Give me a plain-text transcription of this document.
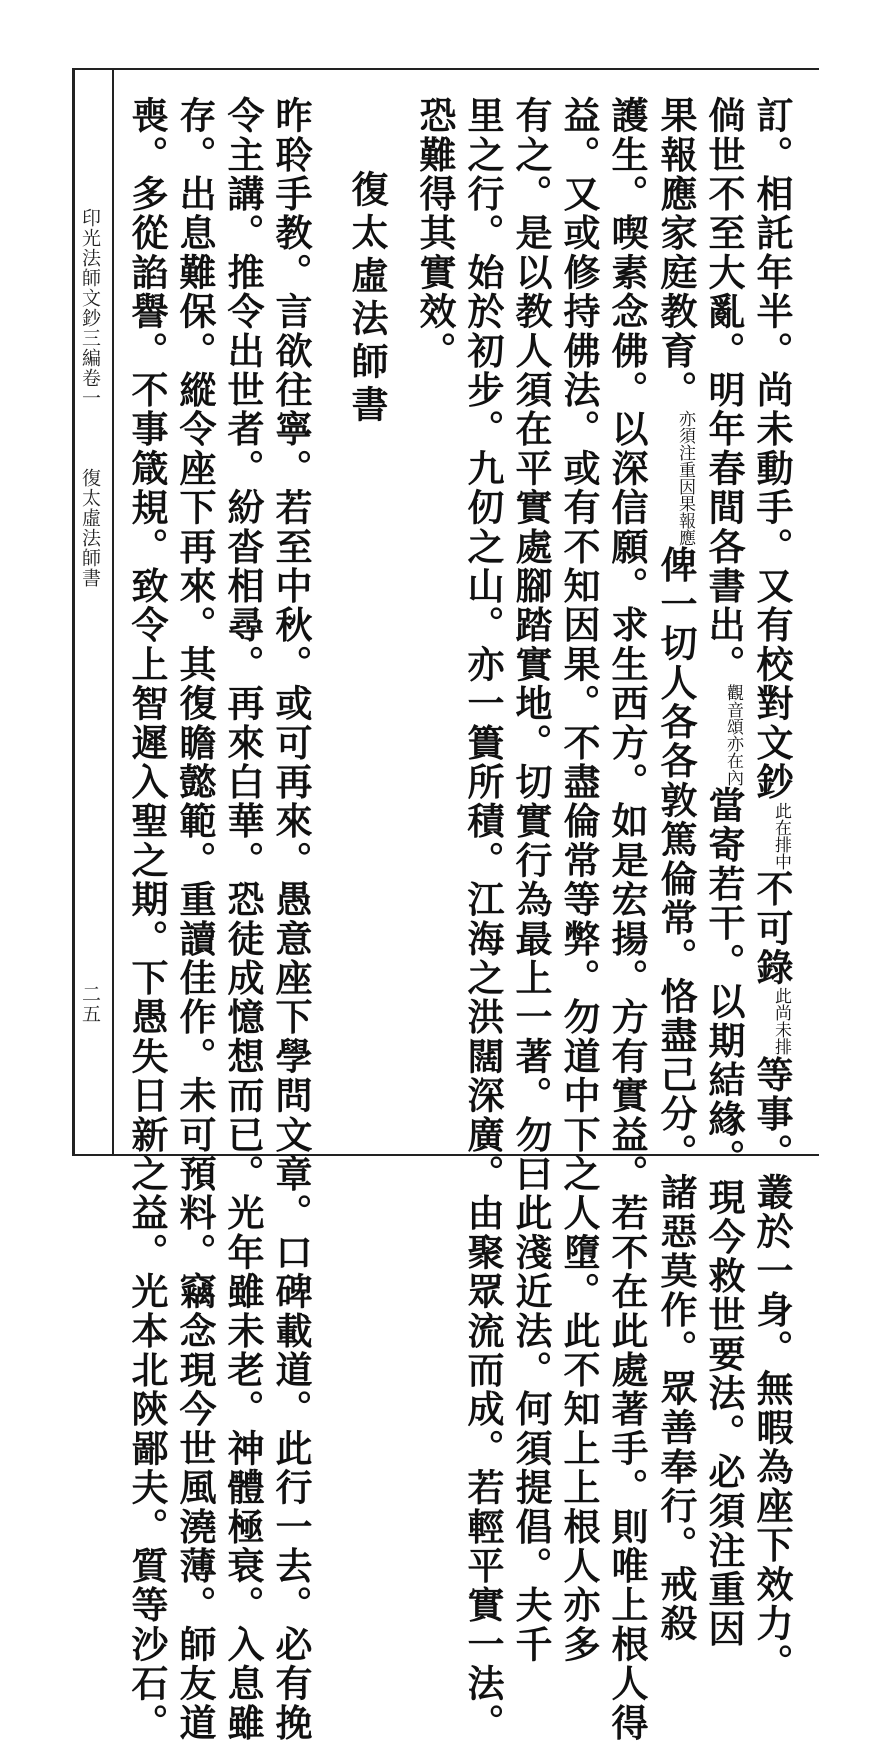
印光法師文鈔三編卷一
復太虛法師書
二五
訂。相託年半。尚未動手。又有校對文鈔此在排中不可錄此尚未排等事。叢於一身。無暇為座下效力。
倘世不至大亂。明年春間各書出。觀音頌亦在內當寄若干。以期結緣。現今救世要法。必須注重因
果報應家庭教育。亦須注重因果報應俾一切人各各敦篤倫常。恪盡己分。諸惡莫作。眾善奉行。戒殺
護生。喫素念佛。以深信願。求生西方。如是宏揚。方有實益。若不在此處著手。則唯上根人得
益。又或修持佛法。或有不知因果。不盡倫常等弊。勿道中下之人墮。此不知上上根人亦多
有之。是以教人須在平實處腳踏實地。切實行為最上一著。勿曰此淺近法。何須提倡。夫千
里之行。始於初步。九仞之山。亦一簣所積。江海之洪闊深廣。由聚眾流而成。若輕平實一法。
恐難得其實效。
復太虛法師書
昨聆手教。言欲往寧。若至中秋。或可再來。愚意座下學問文章。口碑載道。此行一去。必有挽
令主講。推令出世者。紛沓相尋。再來白華。恐徒成憶想而已。光年雖未老。神體極衰。入息雖
存。出息難保。縱令座下再來。其復瞻懿範。重讀佳作。未可預料。竊念現今世風澆薄。師友道
喪。多從諂譽。不事箴規。致令上智遲入聖之期。下愚失日新之益。光本北陝鄙夫。質等沙石。
